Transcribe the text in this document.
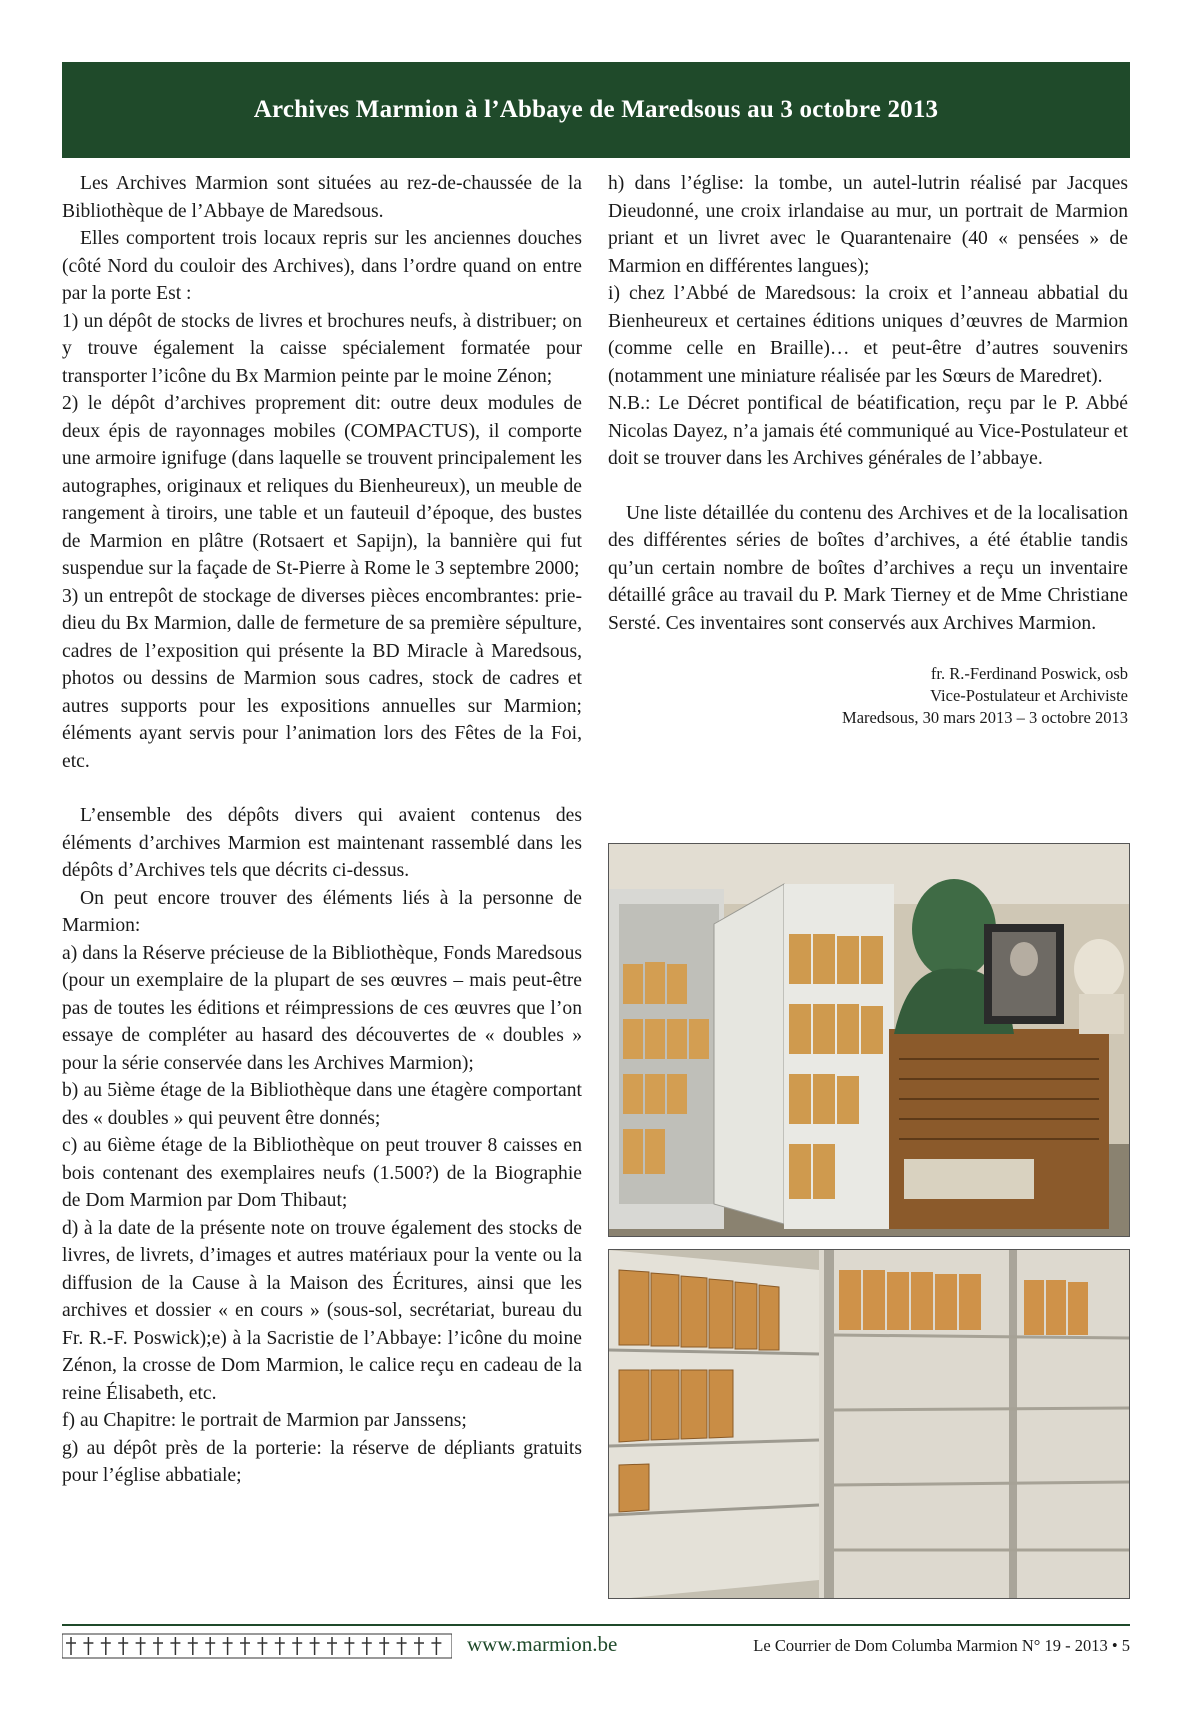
Archives Marmion à l’Abbaye de Maredsous au 3 octobre 2013

Les Archives Marmion sont situées au rez-de-chaussée de la Bibliothèque de l’Abbaye de Maredsous.

Elles comportent trois locaux repris sur les anciennes douches (côté Nord du couloir des Archives), dans l’ordre quand on entre par la porte Est :

1) un dépôt de stocks de livres et brochures neufs, à distribuer; on y trouve également la caisse spécialement formatée pour transporter l’icône du Bx Marmion peinte par le moine Zénon;

2) le dépôt d’archives proprement dit: outre deux modules de deux épis de rayonnages mobiles (COMPACTUS), il comporte une armoire ignifuge (dans laquelle se trouvent principalement les autographes, originaux et reliques du Bienheureux), un meuble de rangement à tiroirs, une table et un fauteuil d’époque, des bustes de Marmion en plâtre (Rotsaert et Sapijn), la bannière qui fut suspendue sur la façade de St-Pierre à Rome le 3 septembre 2000;

3) un entrepôt de stockage de diverses pièces encombrantes: prie-dieu du Bx Marmion, dalle de fermeture de sa première sépulture, cadres de l’exposition qui présente la BD Miracle à Maredsous, photos ou dessins de Marmion sous cadres, stock de cadres et autres supports pour les expositions annuelles sur Marmion; éléments ayant servis pour l’animation lors des Fêtes de la Foi, etc.

L’ensemble des dépôts divers qui avaient contenus des éléments d’archives Marmion est maintenant rassemblé dans les dépôts d’Archives tels que décrits ci-dessus.

On peut encore trouver des éléments liés à la personne de Marmion:

a) dans la Réserve précieuse de la Bibliothèque, Fonds Maredsous (pour un exemplaire de la plupart de ses œuvres – mais peut-être pas de toutes les éditions et réimpressions de ces œuvres que l’on essaye de compléter au hasard des découvertes de « doubles » pour la série conservée dans les Archives Marmion);

b) au 5ième étage de la Bibliothèque dans une étagère comportant des « doubles » qui peuvent être donnés;

c) au 6ième étage de la Bibliothèque on peut trouver 8 caisses en bois contenant des exemplaires neufs (1.500?) de la Biographie de Dom Marmion par Dom Thibaut;

d) à la date de la présente note on trouve également des stocks de livres, de livrets, d’images et autres matériaux pour la vente ou la diffusion de la Cause à la Maison des Écritures, ainsi que les archives et dossier « en cours » (sous-sol, secrétariat, bureau du Fr. R.-F. Poswick);e) à la Sacristie de l’Abbaye: l’icône du moine Zénon, la crosse de Dom Marmion, le calice reçu en cadeau de la reine Élisabeth, etc.

f) au Chapitre: le portrait de Marmion par Janssens;

g) au dépôt près de la porterie: la réserve de dépliants gratuits pour l’église abbatiale;

h) dans l’église: la tombe, un autel-lutrin réalisé par Jacques Dieudonné, une croix irlandaise au mur, un portrait de Marmion priant et un livret avec le Quarantenaire (40 « pensées » de Marmion en différentes langues);

i) chez l’Abbé de Maredsous: la croix et l’anneau abbatial du Bienheureux et certaines éditions uniques d’œuvres de Marmion (comme celle en Braille)… et peut-être d’autres souvenirs (notamment une miniature réalisée par les Sœurs de Maredret).

N.B.: Le Décret pontifical de béatification, reçu par le P. Abbé Nicolas Dayez, n’a jamais été communiqué au Vice-Postulateur et doit se trouver dans les Archives générales de l’abbaye.

Une liste détaillée du contenu des Archives et de la localisation des différentes séries de boîtes d’archives, a été établie tandis qu’un certain nombre de boîtes d’archives a reçu un inventaire détaillé grâce au travail du P. Mark Tierney et de Mme Christiane Sersté. Ces inventaires sont conservés aux Archives Marmion.

fr. R.-Ferdinand Poswick, osb
Vice-Postulateur et Archiviste
Maredsous, 30 mars 2013 – 3 octobre 2013
www.marmion.be	Le Courrier de Dom Columba Marmion N° 19 - 2013 • 5
